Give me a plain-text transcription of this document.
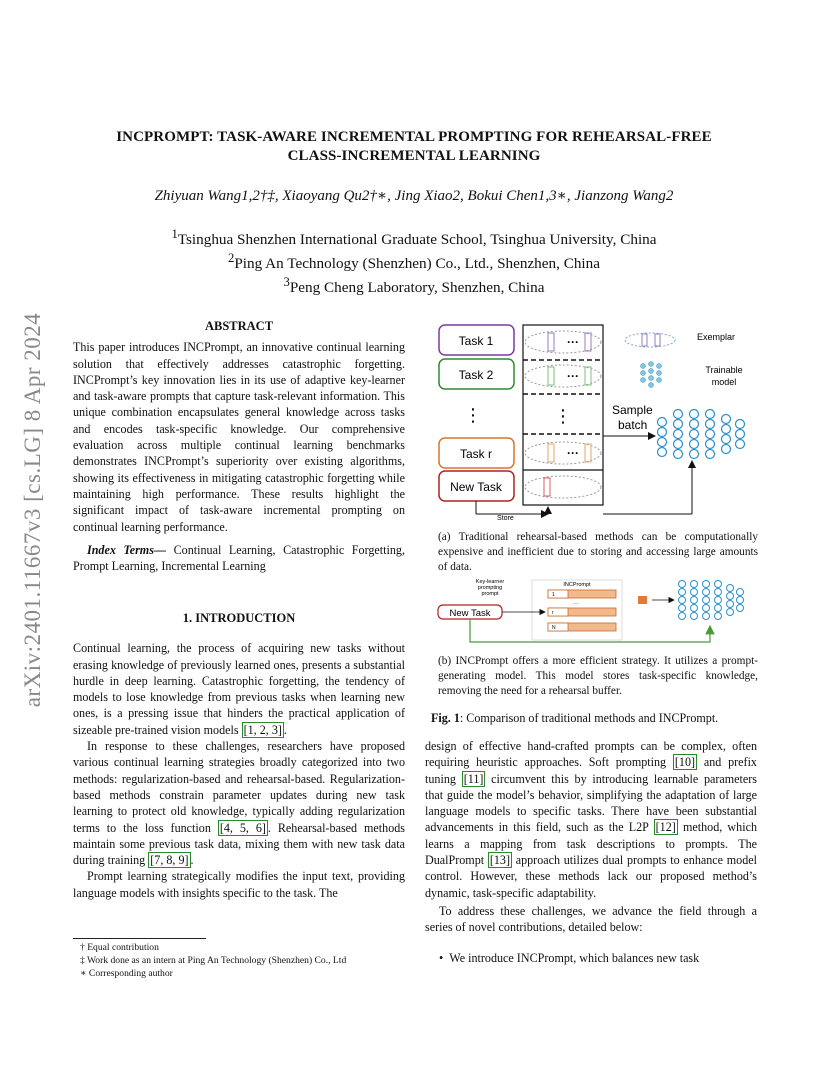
INCPROMPT: TASK-AWARE INCREMENTAL PROMPTING FOR REHEARSAL-FREE
CLASS-INCREMENTAL LEARNING
Zhiyuan Wang1,2†‡, Xiaoyang Qu2†∗, Jing Xiao2, Bokui Chen1,3∗, Jianzong Wang2
$^1$Tsinghua Shenzhen International Graduate School, Tsinghua University, China
$^2$Ping An Technology (Shenzhen) Co., Ltd., Shenzhen, China
$^3$Peng Cheng Laboratory, Shenzhen, China
arXiv:2401.11667v3 [cs.LG] 8 Apr 2024	ABSTRACT

This paper introduces INCPrompt, an innovative continual learning solution that effectively addresses catastrophic forgetting. INCPrompt’s key innovation lies in its use of adaptive key-learner and task-aware prompts that capture task-relevant information. This unique combination encapsulates general knowledge across tasks and encodes task-specific knowledge. Our comprehensive evaluation across multiple continual learning benchmarks demonstrates INCPrompt’s superiority over existing algorithms, showing its effectiveness in mitigating catastrophic forgetting while maintaining high performance. These results highlight the significant impact of task-aware incremental prompting on continual learning performance.

Index Terms— Continual Learning, Catastrophic Forgetting, Prompt Learning, Incremental Learning

1. INTRODUCTION

Continual learning, the process of acquiring new tasks without erasing knowledge of previously learned ones, presents a substantial hurdle in deep learning. Catastrophic forgetting, the tendency of models to lose knowledge from previous tasks when learning new ones, is a pressing issue that hinders the practical application of sizeable pre-trained vision models [1, 2, 3] .

In response to these challenges, researchers have proposed various continual learning strategies broadly categorized into two methods: regularization-based and rehearsal-based. Regularization-based methods constrain parameter updates during new task learning to protect old knowledge, typically adding regularization terms to the loss function [4, 5, 6] . Rehearsal-based methods maintain some previous task data, mixing them with new task data during training [7, 8, 9] .

Prompt learning strategically modifies the input text, providing language models with insights specific to the task. The

† Equal contribution
‡ Work done as an intern at Ping An Technology (Shenzhen) Co., Ltd
∗ Corresponding author
Task 1
Task 2
⋮
Task r
New Task
···
···
⋮
···
Store
Sample
batch
Exemplar
Trainable
model
(a) Traditional rehearsal-based methods can be computationally expensive and inefficient due to storing and accessing large amounts of data.
Key-learner
prompting
prompt
INCPrompt
1
r
N
···
New Task
(b) INCPrompt offers a more efficient strategy. It utilizes a prompt-generating model. This model stores task-specific knowledge, removing the need for a rehearsal buffer.
Fig. 1: Comparison of traditional methods and INCPrompt.

design of effective hand-crafted prompts can be complex, often requiring heuristic approaches. Soft prompting [10] and prefix tuning [11] circumvent this by introducing learnable parameters that guide the model’s behavior, simplifying the adaptation of large language models to specific tasks. There have been substantial advancements in this field, such as the L2P [12] method, which learns a mapping from task descriptions to prompts. The DualPrompt [13] approach utilizes dual prompts to enhance model control. However, these methods lack our proposed method’s dynamic, task-specific adaptability.

To address these challenges, we advance the field through a series of novel contributions, detailed below:

•  We introduce INCPrompt, which balances new task
